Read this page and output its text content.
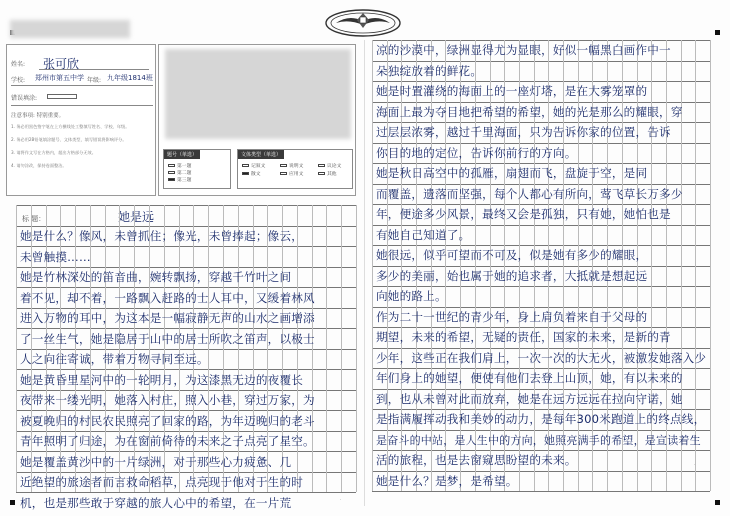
姓名: 张可欣
学校: 郑州市第五中学 年级: 九年级1814班
错误填涂:
注意事项: 特别重要。
1. 务必用黑色签字笔在上方横线处工整填写姓名、学校、年级。
2. 务必用2B铅笔填涂题号、文体类型，填写错误将影响评分。
3. 请将作文写在方格内，超出方格部分无效。
4. 请勿涂改，保持卷面整洁。
题号（单选）
第一题
第二题
第三题
文体类型（单选）
记叙文	说明文	议论文
散文	应用文	其他
标 题：	她是远
·
·
她是什么？像风，未曾抓住；像光，未曾捧起；像云，
未曾触摸……
她是竹林深处的笛音曲，婉转飘扬，穿越千竹叶之间
着不见，却不着，一路飘入赶路的士人耳中，又缓着林风
进入万物的耳中，为这本是一幅寂静无声的山水之画增添
了一丝生气，她是隐居于山中的居士所吹之笛声，以极士
人之向往寄诚，带着万物寻同至远。
她是黄昏里星河中的一轮明月，为这漆黑无边的夜覆长
夜带来一缕光明，她落入村庄，照入小巷，穿过万家，为
被夏晚归的村民农民照亮了回家的路，为年迈晚归的老斗
青年照明了归途，为在窗前倚待的未来之子点亮了星空。
她是覆盖黄沙中的一片绿洲，对于那些心力疲惫、几
近绝望的旅途者而言救命稻草，点亮现于他对于生的时
机，也是那些敢于穿越的旅人心中的希望，在一片荒
凉的沙漠中，绿洲显得尤为显眼，好似一幅黑白画作中一
朵独绽放着的鲜花。
她是时置灌绕的海面上的一座灯塔，是在大雾笼罩的
海面上最为夺目地把希望的希望，她的光是那么的耀眼，穿
过层层浓雾，越过千里海面，只为告诉你家的位置，告诉
你目的地的定位，告诉你前行的方向。
她是秋日高空中的孤雁，扇翅而飞，盘旋于空，是同
而覆盖，遗落而坚强，每个人都心有所向，莺飞草长万多少
年，便途多少风景，最终又会是孤独，只有她，她怕也是
有她自己知道了。
她很远，似乎可望而不可及，似是她有多少的耀眼，
多少的美丽，始也属于她的追求者，大抵就是想起远
向她的路上。
作为二十一世纪的青少年，身上肩负着来自于父母的
期望，未来的希望，无疑的责任，国家的未来，是新的青
少年，这些正在我们肩上，一次一次的大无火，被激发她落入少
年们身上的她望，便使有他们去登上山顶，她，有以未来的
到，也从未曾对此而放弃，她是在远方远远在拉向守诺，她
是指满履挥动我和美妙的动力，是每年300米跑道上的终点线，
是奋斗的中站，是人生中的方向，她照亮满手的希望，是宣读着生
活的旅程，也是去窗窥思盼望的未来。
她是什么？是梦，是希望。
